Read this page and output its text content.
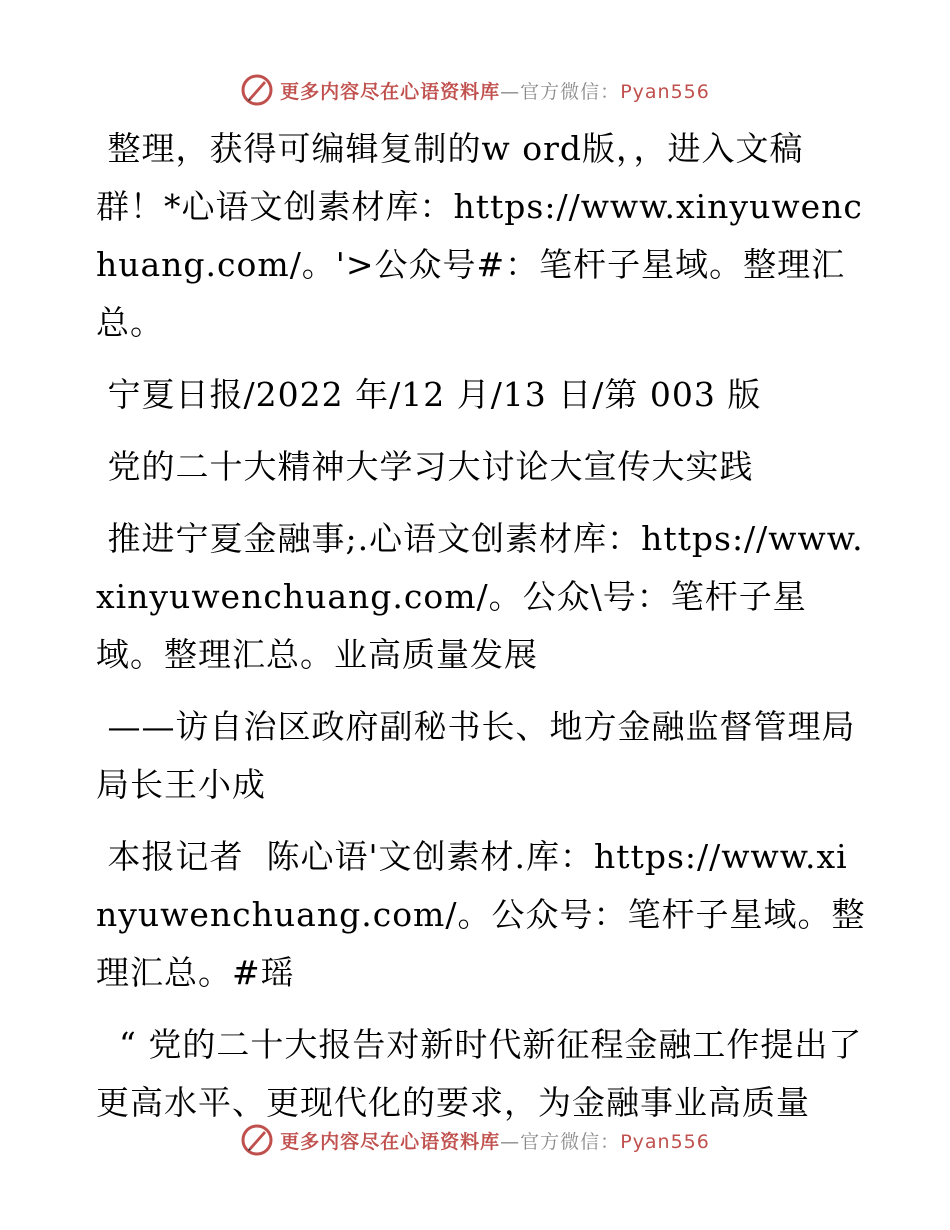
更多内容尽在心语资料库—官方微信：Pyan556

整理，获得可编辑复制的w ord版，，进入文稿群！*心语文创素材库：https://www.xinyuwenchuang.com/。'>公众号#：笔杆子星域。整理汇总。

宁夏日报/2022 年/12 月/13 日/第 003 版

党的二十大精神大学习大讨论大宣传大实践

推进宁夏金融事;.心语文创素材库：https://www.xinyuwenchuang.com/。公众\号：笔杆子星域。整理汇总。业高质量发展

——访自治区政府副秘书长、地方金融监督管理局局长王小成

本报记者  陈心语'文创素材.库：https://www.xinyuwenchuang.com/。公众号：笔杆子星域。整理汇总。#瑶

“ 党的二十大报告对新时代新征程金融工作提出了更高水平、更现代化的要求，为金融事业高质量

更多内容尽在心语资料库—官方微信：Pyan556
